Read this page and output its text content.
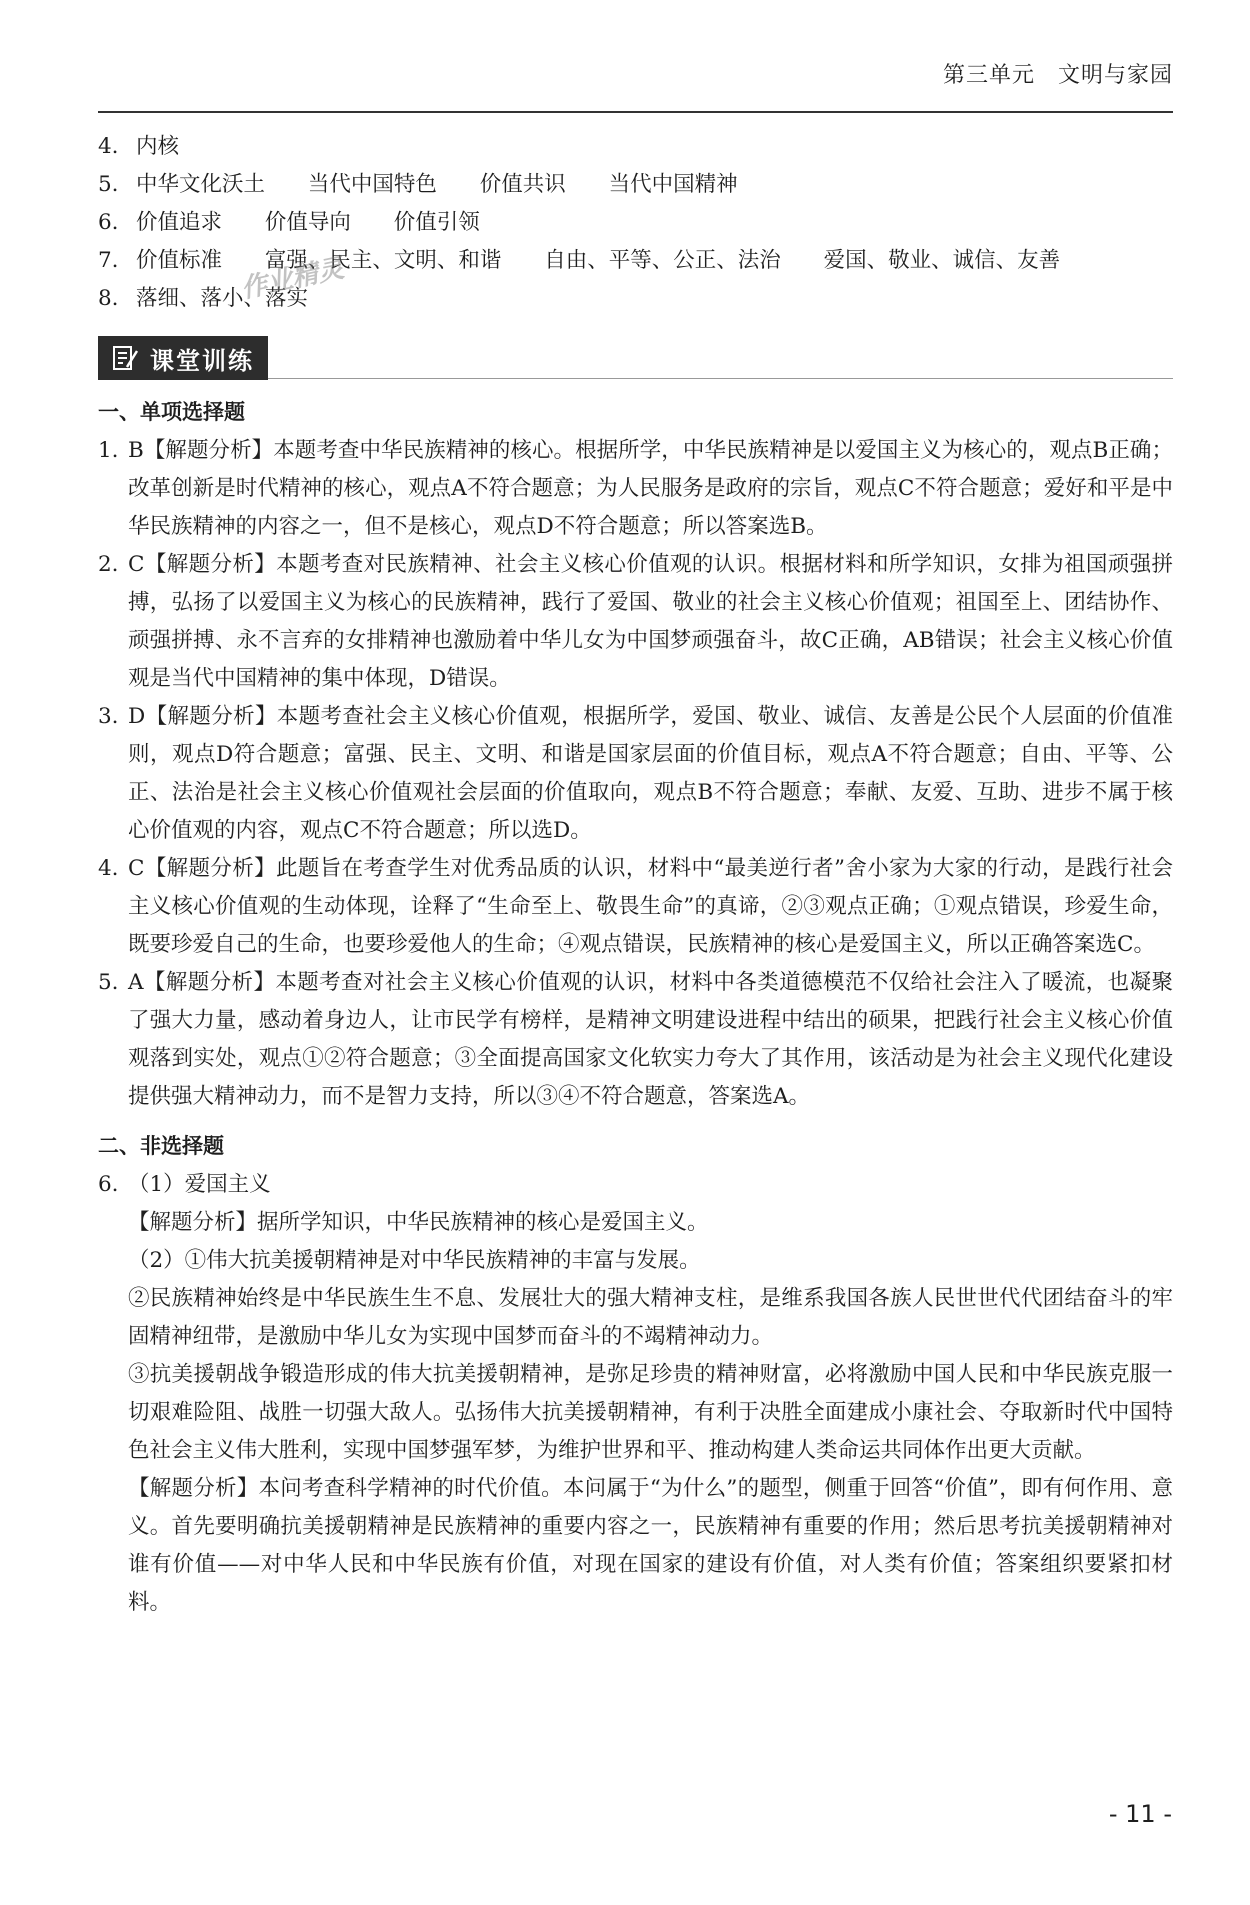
第三单元　文明与家园
4. 内核
5. 中华文化沃土 当代中国特色 价值共识 当代中国精神
6. 价值追求 价值导向 价值引领
7. 价值标准 富强、民主、文明、和谐 自由、平等、公正、法治 爱国、敬业、诚信、友善
8. 落细、落小、落实
课堂训练
一、单项选择题
1. B【解题分析】本题考查中华民族精神的核心。根据所学，中华民族精神是以爱国主义为核心的，观点B正确；改革创新是时代精神的核心，观点A不符合题意；为人民服务是政府的宗旨，观点C不符合题意；爱好和平是中华民族精神的内容之一，但不是核心，观点D不符合题意；所以答案选B。
2. C【解题分析】本题考查对民族精神、社会主义核心价值观的认识。根据材料和所学知识，女排为祖国顽强拼搏，弘扬了以爱国主义为核心的民族精神，践行了爱国、敬业的社会主义核心价值观；祖国至上、团结协作、顽强拼搏、永不言弃的女排精神也激励着中华儿女为中国梦顽强奋斗，故C正确，AB错误；社会主义核心价值观是当代中国精神的集中体现，D错误。
3. D【解题分析】本题考查社会主义核心价值观，根据所学，爱国、敬业、诚信、友善是公民个人层面的价值准则，观点D符合题意；富强、民主、文明、和谐是国家层面的价值目标，观点A不符合题意；自由、平等、公正、法治是社会主义核心价值观社会层面的价值取向，观点B不符合题意；奉献、友爱、互助、进步不属于核心价值观的内容，观点C不符合题意；所以选D。
4. C【解题分析】此题旨在考查学生对优秀品质的认识，材料中“最美逆行者”舍小家为大家的行动，是践行社会主义核心价值观的生动体现，诠释了“生命至上、敬畏生命”的真谛，②③观点正确；①观点错误，珍爱生命，既要珍爱自己的生命，也要珍爱他人的生命；④观点错误，民族精神的核心是爱国主义，所以正确答案选C。
5. A【解题分析】本题考查对社会主义核心价值观的认识，材料中各类道德模范不仅给社会注入了暖流，也凝聚了强大力量，感动着身边人，让市民学有榜样，是精神文明建设进程中结出的硕果，把践行社会主义核心价值观落到实处，观点①②符合题意；③全面提高国家文化软实力夸大了其作用，该活动是为社会主义现代化建设提供强大精神动力，而不是智力支持，所以③④不符合题意，答案选A。
二、非选择题
6. （1）爱国主义
【解题分析】据所学知识，中华民族精神的核心是爱国主义。
（2）①伟大抗美援朝精神是对中华民族精神的丰富与发展。
②民族精神始终是中华民族生生不息、发展壮大的强大精神支柱，是维系我国各族人民世世代代团结奋斗的牢固精神纽带，是激励中华儿女为实现中国梦而奋斗的不竭精神动力。
③抗美援朝战争锻造形成的伟大抗美援朝精神，是弥足珍贵的精神财富，必将激励中国人民和中华民族克服一切艰难险阻、战胜一切强大敌人。弘扬伟大抗美援朝精神，有利于决胜全面建成小康社会、夺取新时代中国特色社会主义伟大胜利，实现中国梦强军梦，为维护世界和平、推动构建人类命运共同体作出更大贡献。
【解题分析】本问考查科学精神的时代价值。本问属于“为什么”的题型，侧重于回答“价值”，即有何作用、意义。首先要明确抗美援朝精神是民族精神的重要内容之一，民族精神有重要的作用；然后思考抗美援朝精神对谁有价值——对中华人民和中华民族有价值，对现在国家的建设有价值，对人类有价值；答案组织要紧扣材料。
作业精灵
- 11 -
